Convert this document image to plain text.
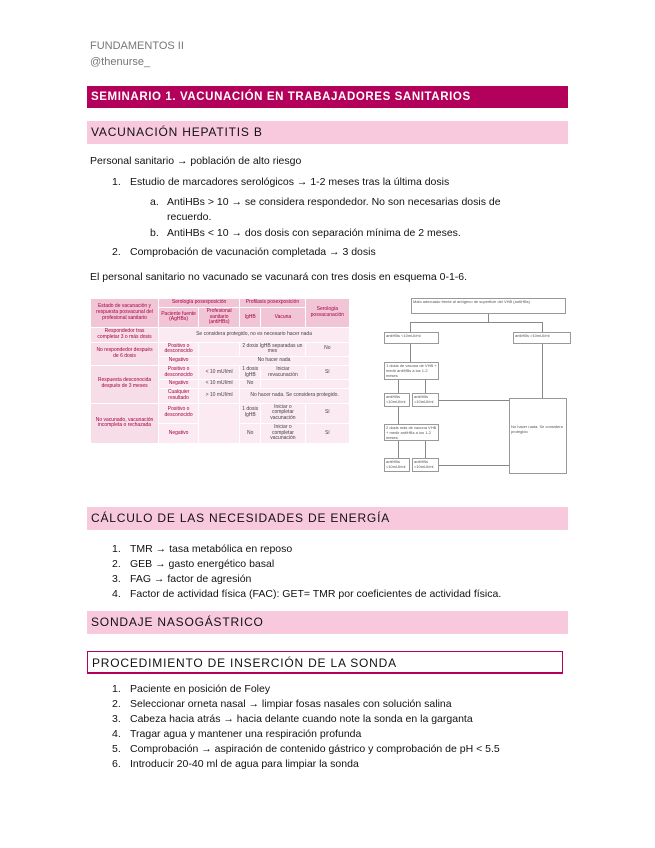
FUNDAMENTOS II
@thenurse_
SEMINARIO 1. VACUNACIÓN EN TRABAJADORES SANITARIOS
VACUNACIÓN HEPATITIS B
Personal sanitario → población de alto riesgo
1. Estudio de marcadores serológicos → 1-2 meses tras la última dosis
a. AntiHBs > 10 → se considera respondedor. No son necesarias dosis de
recuerdo.
b. AntiHBs < 10 → dos dosis con separación mínima de 2 meses.
2. Comprobación de vacunación completada → 3 dosis
El personal sanitario no vacunado se vacunará con tres dosis en esquema 0-1-6.
Estado de vacunación y respuesta posvacunal del profesional sanitario	Serología posexposición		Profilaxis posexposición		Serología posvacunación
	Paciente fuente (AgHBs)	Profesional sanitario (antiHBs)	IgHB	Vacuna	
Respondedor tras completar 3 o más dosis	Se considera protegido, no es necesario hacer nada				
No respondedor después de 6 dosis	Positivo o desconocido		2 dosis IgHB separadas un mes		No
	Negativo	No hacer nada			
Respuesta desconocida después de 3 meses	Positivo o desconocido	< 10 mUI/ml	1 dosis IgHB	Iniciar revacunación	Sí
	Negativo	< 10 mUI/ml	No		
	Cualquier resultado	> 10 mUI/ml	No hacer nada. Se considera protegido.		
No vacunado, vacunación incompleta o rechazada	Positivo o desconocido		1 dosis IgHB	Iniciar o completar vacunación	Sí
	Negativo		No	Iniciar o completar vacunación	Sí
Malo adecuado frente al antígeno de superficie del VHB (antiHBs)
antiHBs <10mUI/ml	antiHBs >10mUI/ml
1 dosis de vacuna de VHB + medir antiHBs a los 1-2 meses
antiHBs <10mUI/ml
antiHBs >10mUI/ml
2 dosis más de vacuna VHB + medir antiHBs a los 1-2 meses
antiHBs <10mUI/ml
antiHBs >10mUI/ml
No hacer nada. Se considera protegido
CÁLCULO DE LAS NECESIDADES DE ENERGÍA
1. TMR → tasa metabólica en reposo
2. GEB → gasto energético basal
3. FAG → factor de agresión
4. Factor de actividad física (FAC): GET= TMR por coeficientes de actividad física.
SONDAJE NASOGÁSTRICO
PROCEDIMIENTO DE INSERCIÓN DE LA SONDA
1. Paciente en posición de Foley
2. Seleccionar orneta nasal → limpiar fosas nasales con solución salina
3. Cabeza hacia atrás → hacia delante cuando note la sonda en la garganta
4. Tragar agua y mantener una respiración profunda
5. Comprobación → aspiración de contenido gástrico y comprobación de pH < 5.5
6. Introducir 20-40 ml de agua para limpiar la sonda
